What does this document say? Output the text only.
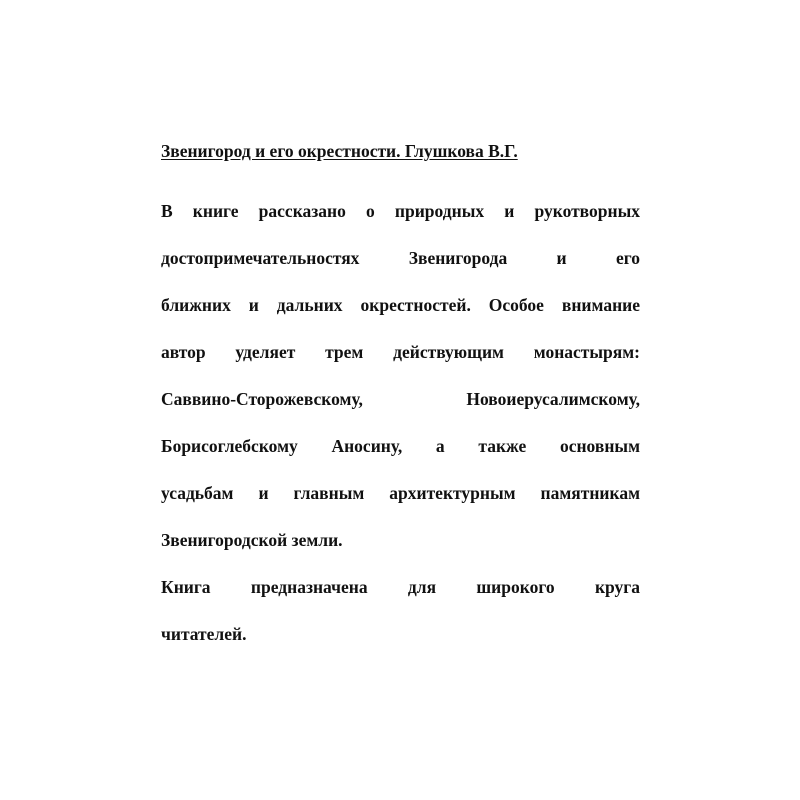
Звенигород и его окрестности. Глушкова В.Г.
В книге рассказано о природных и рукотворных
достопримечательностях Звенигорода и его
ближних и дальних окрестностей. Особое внимание
автор уделяет трем действующим монастырям:
Саввино-Сторожевскому, Новоиерусалимскому,
Борисоглебскому Аносину, а также основным
усадьбам и главным архитектурным памятникам
Звенигородской земли.
Книга предназначена для широкого круга
читателей.
